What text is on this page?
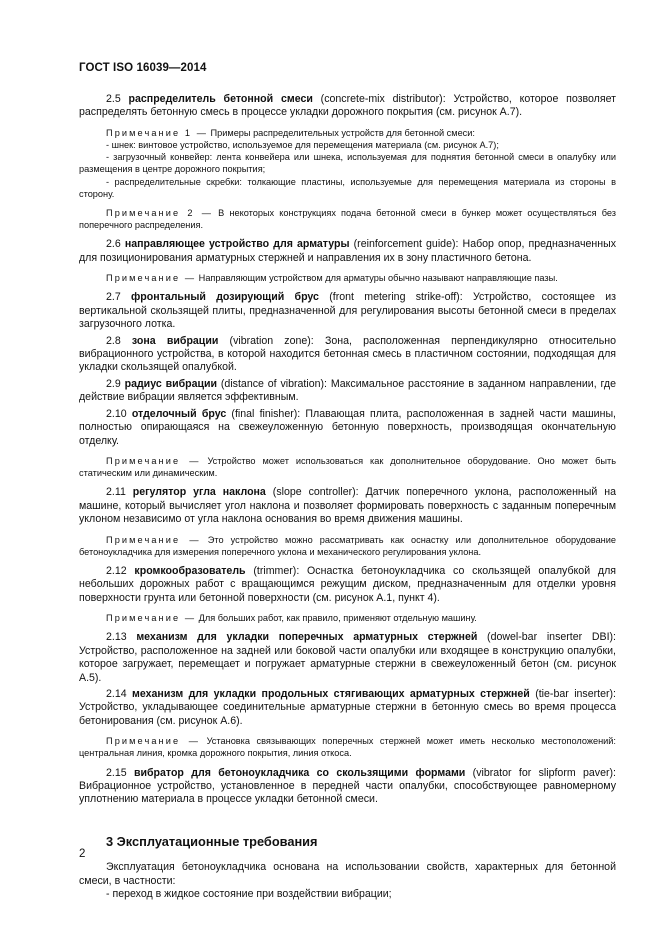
ГОСТ ISO 16039—2014

2.5 распределитель бетонной смеси (concrete-mix distributor): Устройство, которое позволяет распределять бетонную смесь в процессе укладки дорожного покрытия (см. рисунок А.7).

Примечание 1 — Примеры распределительных устройств для бетонной смеси:

- шнек: винтовое устройство, используемое для перемещения материала (см. рисунок А.7);

- загрузочный конвейер: лента конвейера или шнека, используемая для поднятия бетонной смеси в опалубку или размещения в центре дорожного покрытия;

- распределительные скребки: толкающие пластины, используемые для перемещения материала из стороны в сторону.

Примечание 2 — В некоторых конструкциях подача бетонной смеси в бункер может осуществляться без поперечного распределения.

2.6 направляющее устройство для арматуры (reinforcement guide): Набор опор, предназначенных для позиционирования арматурных стержней и направления их в зону пластичного бетона.

Примечание — Направляющим устройством для арматуры обычно называют направляющие пазы.

2.7 фронтальный дозирующий брус (front metering strike-off): Устройство, состоящее из вертикальной скользящей плиты, предназначенной для регулирования высоты бетонной смеси в пределах загрузочного лотка.

2.8 зона вибрации (vibration zone): Зона, расположенная перпендикулярно относительно вибрационного устройства, в которой находится бетонная смесь в пластичном состоянии, подходящая для укладки скользящей опалубкой.

2.9 радиус вибрации (distance of vibration): Максимальное расстояние в заданном направлении, где действие вибрации является эффективным.

2.10 отделочный брус (final finisher): Плавающая плита, расположенная в задней части машины, полностью опирающаяся на свежеуложенную бетонную поверхность, производящая окончательную отделку.

Примечание — Устройство может использоваться как дополнительное оборудование. Оно может быть статическим или динамическим.

2.11 регулятор угла наклона (slope controller): Датчик поперечного уклона, расположенный на машине, который вычисляет угол наклона и позволяет формировать поверхность с заданным поперечным уклоном независимо от угла наклона основания во время движения машины.

Примечание — Это устройство можно рассматривать как оснастку или дополнительное оборудование бетоноукладчика для измерения поперечного уклона и механического регулирования уклона.

2.12 кромкообразователь (trimmer): Оснастка бетоноукладчика со скользящей опалубкой для небольших дорожных работ с вращающимся режущим диском, предназначенным для отделки уровня поверхности грунта или бетонной поверхности (см. рисунок А.1, пункт 4).

Примечание — Для больших работ, как правило, применяют отдельную машину.

2.13 механизм для укладки поперечных арматурных стержней (dowel-bar inserter DBI): Устройство, расположенное на задней или боковой части опалубки или входящее в конструкцию опалубки, которое загружает, перемещает и погружает арматурные стержни в свежеуложенный бетон (см. рисунок А.5).

2.14 механизм для укладки продольных стягивающих арматурных стержней (tie-bar inserter): Устройство, укладывающее соединительные арматурные стержни в бетонную смесь во время процесса бетонирования (см. рисунок А.6).

Примечание — Установка связывающих поперечных стержней может иметь несколько местоположений: центральная линия, кромка дорожного покрытия, линия откоса.

2.15 вибратор для бетоноукладчика со скользящими формами (vibrator for slipform paver): Вибрационное устройство, установленное в передней части опалубки, способствующее равномерному уплотнению материала в процессе укладки бетонной смеси.

3 Эксплуатационные требования

Эксплуатация бетоноукладчика основана на использовании свойств, характерных для бетонной смеси, в частности:

- переход в жидкое состояние при воздействии вибрации;

2
